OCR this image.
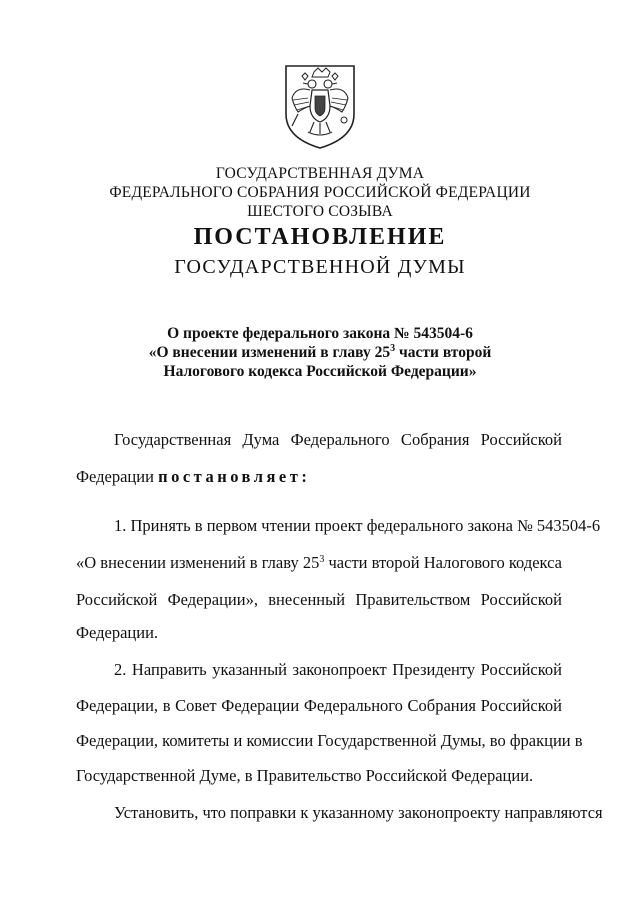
ГОСУДАРСТВЕННАЯ ДУМА
ФЕДЕРАЛЬНОГО СОБРАНИЯ РОССИЙСКОЙ ФЕДЕРАЦИИ
ШЕСТОГО СОЗЫВА
ПОСТАНОВЛЕНИЕ
ГОСУДАРСТВЕННОЙ ДУМЫ
О проекте федерального закона № 543504-6
«О внесении изменений в главу $25^3$ части второй
Налогового кодекса Российской Федерации»
Государственная Дума Федерального Собрания Российской
Федерации постановляет:
1. Принять в первом чтении проект федерального закона № 543504-6
«О внесении изменений в главу $25^3$ части второй Налогового кодекса
Российской Федерации», внесенный Правительством Российской
Федерации.
2. Направить указанный законопроект Президенту Российской
Федерации, в Совет Федерации Федерального Собрания Российской
Федерации, комитеты и комиссии Государственной Думы, во фракции в
Государственной Думе, в Правительство Российской Федерации.
Установить, что поправки к указанному законопроекту направляются
